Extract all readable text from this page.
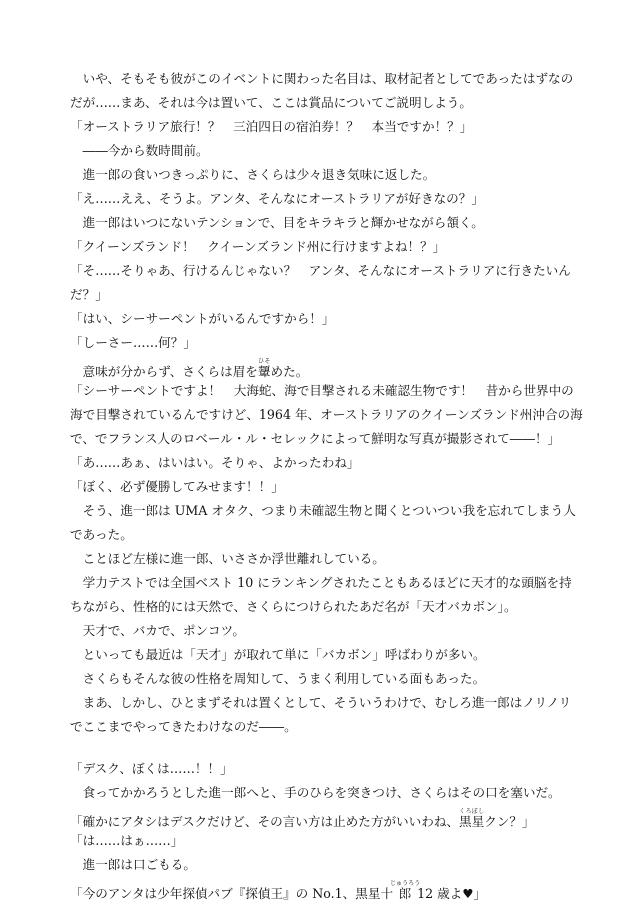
　いや、そもそも彼がこのイベントに関わった名目は、取材記者としてであったはずなの
だが……まあ、それは今は置いて、ここは賞品についてご説明しよう。
「オーストラリア旅行！？　三泊四日の宿泊券！？　本当ですか！？」
　――今から数時間前。
　進一郎の食いつきっぷりに、さくらは少々退き気味に返した。
「え……ええ、そうよ。アンタ、そんなにオーストラリアが好きなの？」
　進一郎はいつにないテンションで、目をキラキラと輝かせながら頷く。
「クイーンズランド！　クイーンズランド州に行けますよね！？」
「そ……そりゃあ、行けるんじゃない？　アンタ、そんなにオーストラリアに行きたいん
だ？」
「はい、シーサーペントがいるんですから！」
「しーさー……何？」
　意味が分からず、さくらは眉を顰ひそめた。
「シーサーペントですよ！　大海蛇、海で目撃される未確認生物です！　昔から世界中の
海で目撃されているんですけど、1964 年、オーストラリアのクイーンズランド州沖合の海
で、でフランス人のロベール・ル・セレックによって鮮明な写真が撮影されて――！」
「あ……あぁ、はいはい。そりゃ、よかったわね」
「ぼく、必ず優勝してみせます！！」
　そう、進一郎は UMA オタク、つまり未確認生物と聞くとついつい我を忘れてしまう人
であった。
　ことほど左様に進一郎、いささか浮世離れしている。
　学力テストでは全国ベスト 10 にランキングされたこともあるほどに天才的な頭脳を持
ちながら、性格的には天然で、さくらにつけられたあだ名が「天才バカボン」。
　天才で、バカで、ポンコツ。
　といっても最近は「天才」が取れて単に「バカボン」呼ばわりが多い。
　さくらもそんな彼の性格を周知して、うまく利用している面もあった。
　まあ、しかし、ひとまずそれは置くとして、そういうわけで、むしろ進一郎はノリノリ
でここまでやってきたわけなのだ――。
「デスク、ぼくは……！！」
　食ってかかろうとした進一郎へと、手のひらを突きつけ、さくらはその口を塞いだ。
「確かにアタシはデスクだけど、その言い方は止めた方がいいわね、黒星くろぼしクン？」
「は……はぁ……」
　進一郎は口ごもる。
「今のアンタは少年探偵パブ『探偵王』の No.1、黒星十郎じゅうろう12 歳よ♥」
